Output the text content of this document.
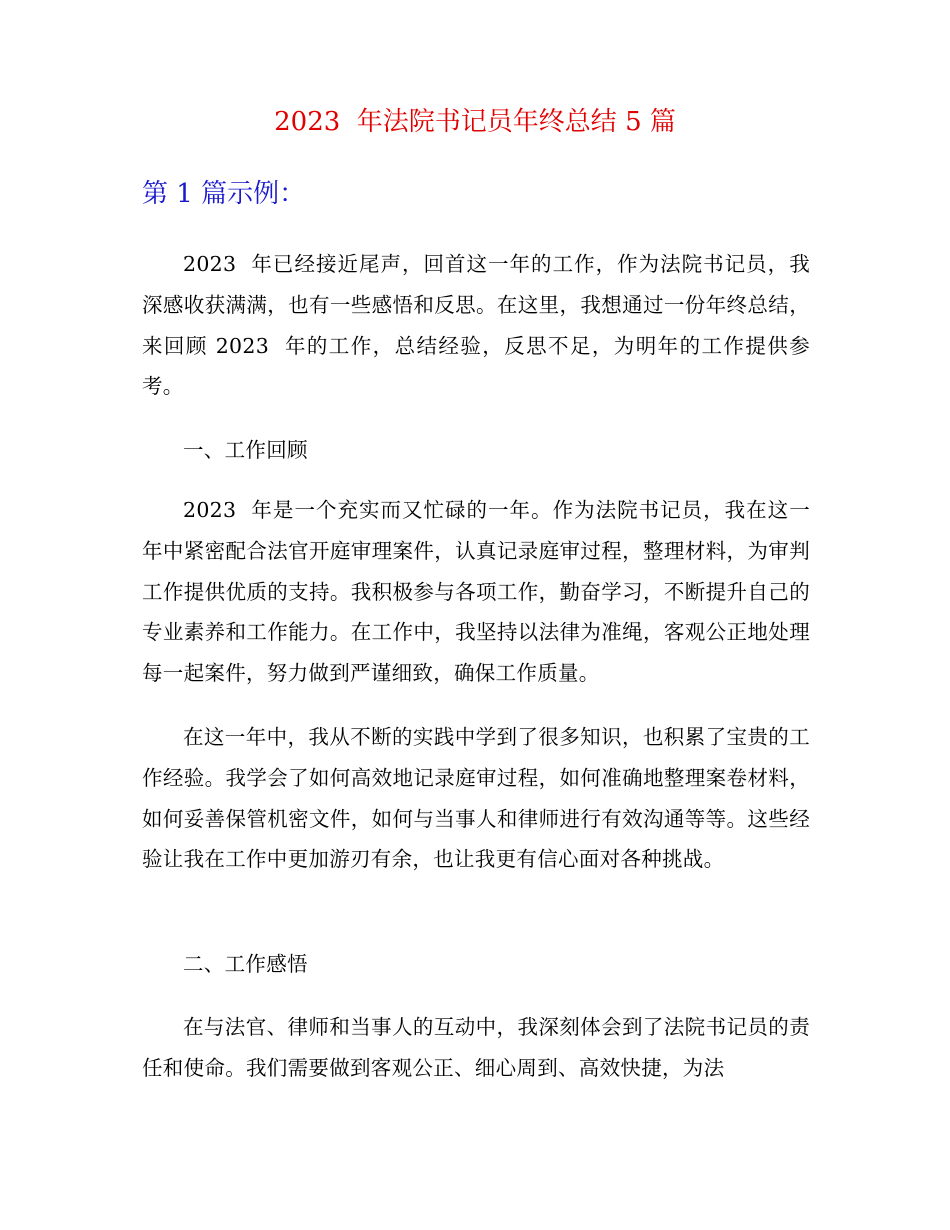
2023  年法院书记员年终总结 5 篇
第 1 篇示例：

2023  年已经接近尾声，回首这一年的工作，作为法院书记员，我深感收获满满，也有一些感悟和反思。在这里，我想通过一份年终总结，来回顾 2023  年的工作，总结经验，反思不足，为明年的工作提供参考。

一、工作回顾

2023  年是一个充实而又忙碌的一年。作为法院书记员，我在这一年中紧密配合法官开庭审理案件，认真记录庭审过程，整理材料，为审判工作提供优质的支持。我积极参与各项工作，勤奋学习，不断提升自己的专业素养和工作能力。在工作中，我坚持以法律为准绳，客观公正地处理每一起案件，努力做到严谨细致，确保工作质量。

在这一年中，我从不断的实践中学到了很多知识，也积累了宝贵的工作经验。我学会了如何高效地记录庭审过程，如何准确地整理案卷材料，如何妥善保管机密文件，如何与当事人和律师进行有效沟通等等。这些经验让我在工作中更加游刃有余，也让我更有信心面对各种挑战。

二、工作感悟

在与法官、律师和当事人的互动中，我深刻体会到了法院书记员的责任和使命。我们需要做到客观公正、细心周到、高效快捷，为法
